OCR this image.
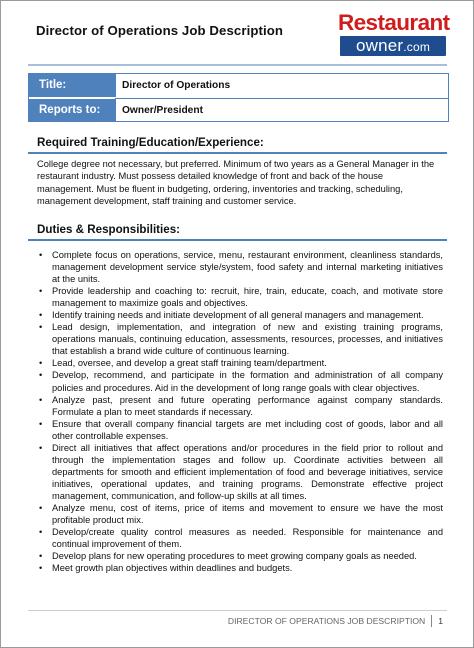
Director of Operations Job Description Restaurant
owner.com
Title:	Director of Operations
Reports to:	Owner/President
Required Training/Education/Experience:
College degree not necessary, but preferred. Minimum of two years as a General Manager in the restaurant industry. Must possess detailed knowledge of front and back of the house management. Must be fluent in budgeting, ordering, inventories and tracking, scheduling, management development, staff training and customer service.
Duties & Responsibilities:
• Complete focus on operations, service, menu, restaurant environment, cleanliness standards, management development service style/system, food safety and internal marketing initiatives at the units.
• Provide leadership and coaching to: recruit, hire, train, educate, coach, and motivate store management to maximize goals and objectives.
• Identify training needs and initiate development of all general managers and management.
• Lead design, implementation, and integration of new and existing training programs, operations manuals, continuing education, assessments, resources, processes, and initiatives that establish a brand wide culture of continuous learning.
• Lead, oversee, and develop a great staff training team/department.
• Develop, recommend, and participate in the formation and administration of all company policies and procedures. Aid in the development of long range goals with clear objectives.
• Analyze past, present and future operating performance against company standards. Formulate a plan to meet standards if necessary.
• Ensure that overall company financial targets are met including cost of goods, labor and all other controllable expenses.
• Direct all initiatives that affect operations and/or procedures in the field prior to rollout and through the implementation stages and follow up. Coordinate activities between all departments for smooth and efficient implementation of food and beverage initiatives, service initiatives, operational updates, and training programs. Demonstrate effective project management, communication, and follow-up skills at all times.
• Analyze menu, cost of items, price of items and movement to ensure we have the most profitable product mix.
• Develop/create quality control measures as needed. Responsible for maintenance and continual improvement of them.
• Develop plans for new operating procedures to meet growing company goals as needed.
• Meet growth plan objectives within deadlines and budgets.
DIRECTOR OF OPERATIONS JOB DESCRIPTION 1
